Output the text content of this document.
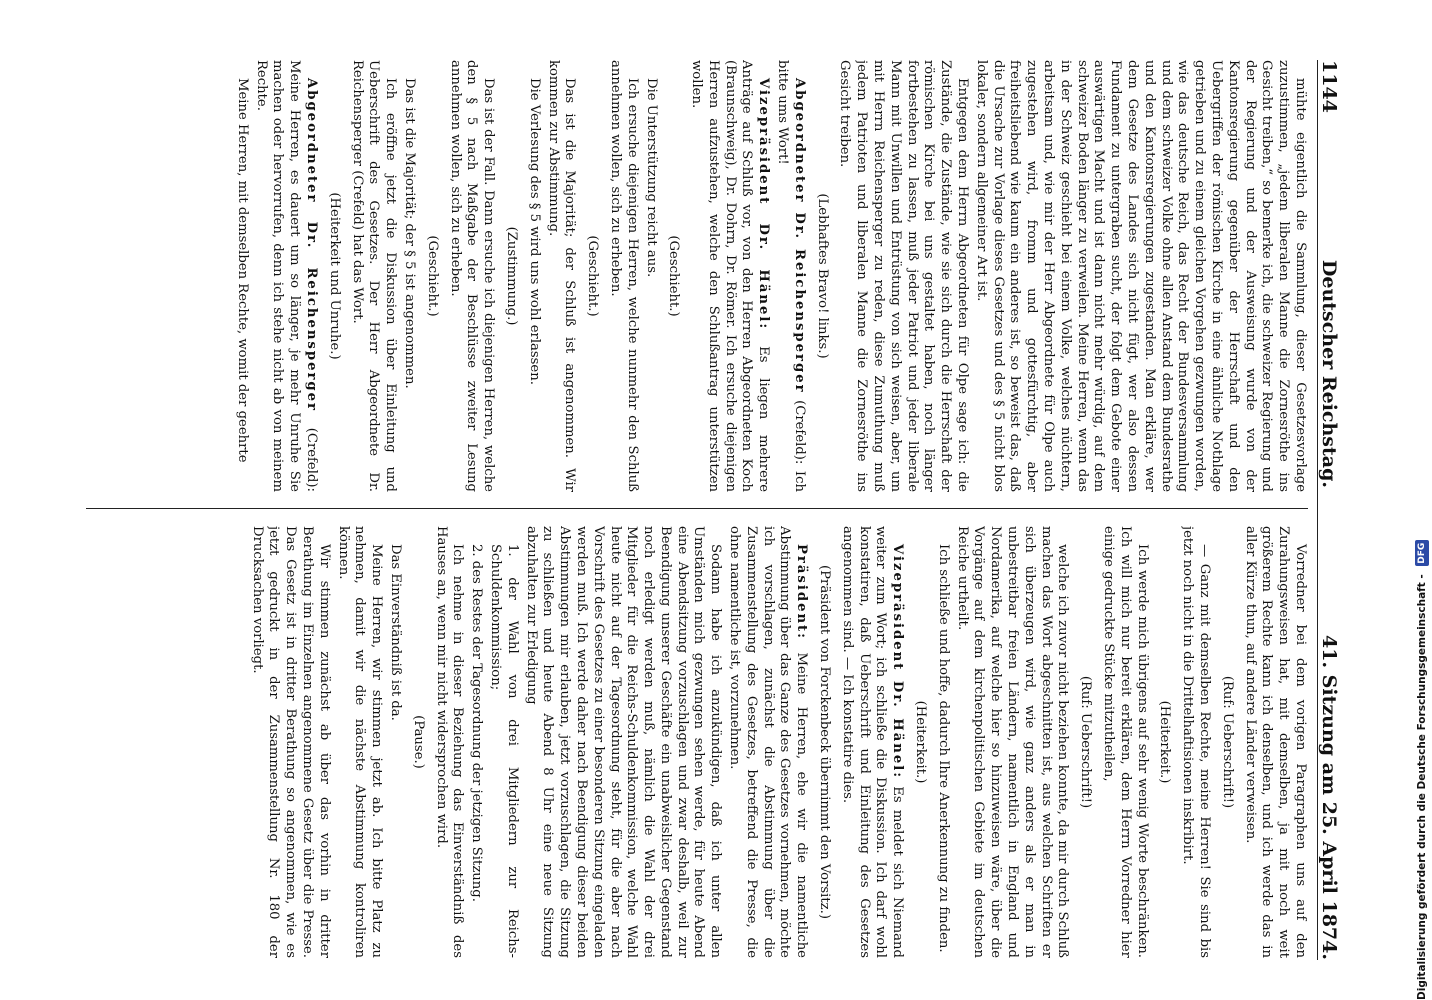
1144
Deutscher Reichstag.
41. Sitzung am 25. April 1874.

mühte eigentlich die Sammlung, dieser Gesetzesvorlage zuzustimmen, „jedem liberalen Manne die Zornesröthe ins Gesicht treiben,“ so bemerke ich, die schweizer Regierung und der Regierung und der Ausweisung wurde von der Kantonsregierung gegenüber der Herrschaft und den Uebergriffen der römischen Kirche in eine ähnliche Nothlage getrieben und zu einem gleichen Vorgehen gezwungen worden, wie das deutsche Reich, das Recht der Bundesversammlung und dem schweizer Volke ohne allen Anstand dem Bundesrathe und den Kantonsregierungen zugestanden. Man erkläre, wer dem Gesetze des Landes sich nicht fügt, wer also dessen Fundament zu untergraben sucht, der folgt dem Gebote einer auswärtigen Macht und ist dann nicht mehr würdig, auf dem schweizer Boden länger zu verweilen. Meine Herren, wenn das in der Schweiz geschieht bei einem Volke, welches nüchtern, arbeitsam und, wie mir der Herr Abgeordnete für Olpe auch zugestehen wird, fromm und gottesfürchtig, aber freiheitsliebend wie kaum ein anderes ist, so beweist das, daß die Ursache zur Vorlage dieses Gesetzes und des § 5 nicht blos lokaler, sondern allgemeiner Art ist.

Entgegen dem Herrn Abgeordneten für Olpe sage ich: die Zustände, die Zustände, wie sie sich durch die Herrschaft der römischen Kirche bei uns gestaltet haben, noch länger fortbestehen zu lassen, muß jeder Patriot und jeder liberale Mann mit Unwillen und Entrüstung von sich weisen, aber, um mit Herrn Reichensperger zu reden, diese Zumuthung muß jedem Patrioten und liberalen Manne die Zornesröthe ins Gesicht treiben.

(Lebhaftes Bravo! links.)

Abgeordneter Dr. Reichensperger (Crefeld): Ich bitte ums Wort!

Vizepräsident Dr. Hänel: Es liegen mehrere Anträge auf Schluß vor, von den Herren Abgeordneten Koch (Braunschweig), Dr. Dohrn, Dr. Römer. Ich ersuche diejenigen Herren aufzustehen, welche den Schlußantrag unterstützen wollen.

(Geschieht.)

Die Unterstützung reicht aus.

Ich ersuche diejenigen Herren, welche nunmehr den Schluß annehmen wollen, sich zu erheben.

(Geschieht.)

Das ist die Majorität; der Schluß ist angenommen. Wir kommen zur Abstimmung.

Die Verlesung des § 5 wird uns wohl erlassen.

(Zustimmung.)

Das ist der Fall. Dann ersuche ich diejenigen Herren, welche den § 5 nach Maßgabe der Beschlüsse zweiter Lesung annehmen wollen, sich zu erheben.

(Geschieht.)

Das ist die Majorität; der § 5 ist angenommen.

Ich eröffne jetzt die Diskussion über Einleitung und Ueberschrift des Gesetzes. Der Herr Abgeordnete Dr. Reichensperger (Crefeld) hat das Wort.

(Heiterkeit und Unruhe.)

Abgeordneter Dr. Reichensperger (Crefeld): Meine Herren, es dauert um so länger, je mehr Unruhe Sie machen oder hervorrufen, denn ich stehe nicht ab von meinem Rechte.

Meine Herren, mit demselben Rechte, womit der geehrte

Vorredner bei dem vorigen Paragraphen uns auf den Zurahungsweisen hat, mit demselben, ja mit noch weit größerem Rechte kann ich denselben, und ich werde das in aller Kürze thun, auf andere Länder verweisen.

(Ruf: Ueberschrift!)

— Ganz mit demselben Rechte, meine Herren! Sie sind bis jetzt noch nicht in die Drittelhaftisionen inskribirt.

(Heiterkeit.)

Ich werde mich übrigens auf sehr wenig Worte beschränken. Ich will mich nur bereit erklären, dem Herrn Vorredner hier einige gedruckte Stücke mitzutheilen,

(Ruf: Ueberschrift!)

welche ich zuvor nicht beziehen konnte, da mir durch Schluß machen das Wort abgeschnitten ist, aus welchen Schriften er sich überzeugen wird, wie ganz anders als er man in unbestreitbar freien Ländern, namentlich in England und Nordamerika, auf welche hier so hinzuweisen wäre, über die Vorgänge auf dem kirchenpolitischen Gebiete im deutschen Reiche urtheilt.

Ich schließe und hoffe, dadurch Ihre Anerkennung zu finden.

(Heiterkeit.)

Vizepräsident Dr. Hänel: Es meldet sich Niemand weiter zum Wort; ich schließe die Diskussion. Ich darf wohl konstatiren, daß Ueberschrift und Einleitung des Gesetzes angenommen sind. — Ich konstatire dies.

(Präsident von Forckenbeck übernimmt den Vorsitz.)

Präsident: Meine Herren, ehe wir die namentliche Abstimmung über das Ganze des Gesetzes vornehmen, möchte ich vorschlagen, zunächst die Abstimmung über die Zusammenstellung des Gesetzes, betreffend die Presse, die ohne namentliche ist, vorzunehmen.

Sodann habe ich anzukündigen, daß ich unter allen Umständen mich gezwungen sehen werde, für heute Abend eine Abendsitzung vorzuschlagen und zwar deshalb, weil zur Beendigung unserer Geschäfte ein unabweislicher Gegenstand noch erledigt werden muß, nämlich die Wahl der drei Mitglieder für die Reichs-Schuldenkommission, welche Wahl heute nicht auf der Tagesordnung steht, für die aber nach Vorschrift des Gesetzes zu einer besonderen Sitzung eingeladen werden muß. Ich werde daher nach Beendigung dieser beiden Abstimmungen mir erlauben, jetzt vorzuschlagen, die Sitzung zu schließen und heute Abend 8 Uhr eine neue Sitzung abzuhalten zur Erledigung

1. der Wahl von drei Mitgliedern zur Reichs-Schuldenkommission;

2. des Restes der Tagesordnung der jetzigen Sitzung.

Ich nehme in dieser Beziehung das Einverständniß des Hauses an, wenn mir nicht widersprochen wird.

(Pause.)

Das Einverständniß ist da.

Meine Herren, wir stimmen jetzt ab. Ich bitte Platz zu nehmen, damit wir die nächste Abstimmung kontroliren können.

Wir stimmen zunächst ab über das vorhin in dritter Berathung im Einzelnen angenommene Gesetz über die Presse. Das Gesetz ist in dritter Berathung so angenommen, wie es jetzt gedruckt in der Zusammenstellung Nr. 180 der Drucksachen vorliegt.	Digitalisierung gefördert durch die Deutsche Forschungsgemeinschaft -
DFG
